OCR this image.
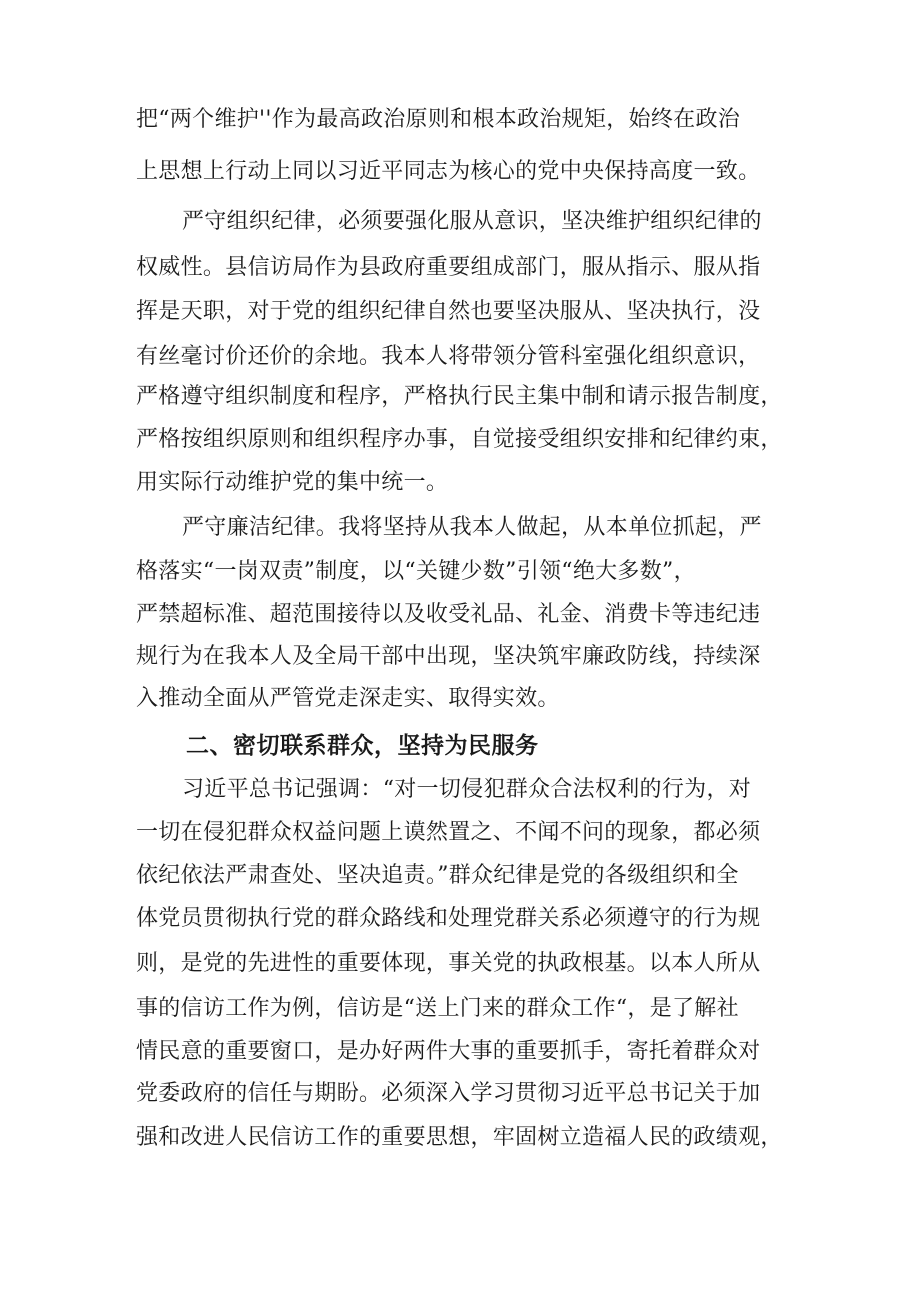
把“两个维护''作为最高政治原则和根本政治规矩，始终在政治
上思想上行动上同以习近平同志为核心的党中央保持高度一致。
严守组织纪律，必须要强化服从意识，坚决维护组织纪律的
权威性。县信访局作为县政府重要组成部门，服从指示、服从指
挥是天职，对于党的组织纪律自然也要坚决服从、坚决执行，没
有丝毫讨价还价的余地。我本人将带领分管科室强化组织意识，
严格遵守组织制度和程序，严格执行民主集中制和请示报告制度，
严格按组织原则和组织程序办事，自觉接受组织安排和纪律约束，
用实际行动维护党的集中统一。
严守廉洁纪律。我将坚持从我本人做起，从本单位抓起，严
格落实“一岗双责”制度，以“关键少数”引领“绝大多数”，
严禁超标准、超范围接待以及收受礼品、礼金、消费卡等违纪违
规行为在我本人及全局干部中出现，坚决筑牢廉政防线，持续深
入推动全面从严管党走深走实、取得实效。
二、密切联系群众，坚持为民服务
习近平总书记强调：“对一切侵犯群众合法权利的行为，对
一切在侵犯群众权益问题上谟然置之、不闻不问的现象，都必须
依纪依法严肃查处、坚决追责。”群众纪律是党的各级组织和全
体党员贯彻执行党的群众路线和处理党群关系必须遵守的行为规
则，是党的先进性的重要体现，事关党的执政根基。以本人所从
事的信访工作为例，信访是“送上门来的群众工作“，是了解社
情民意的重要窗口，是办好两件大事的重要抓手，寄托着群众对
党委政府的信任与期盼。必须深入学习贯彻习近平总书记关于加
强和改进人民信访工作的重要思想，牢固树立造福人民的政绩观，
